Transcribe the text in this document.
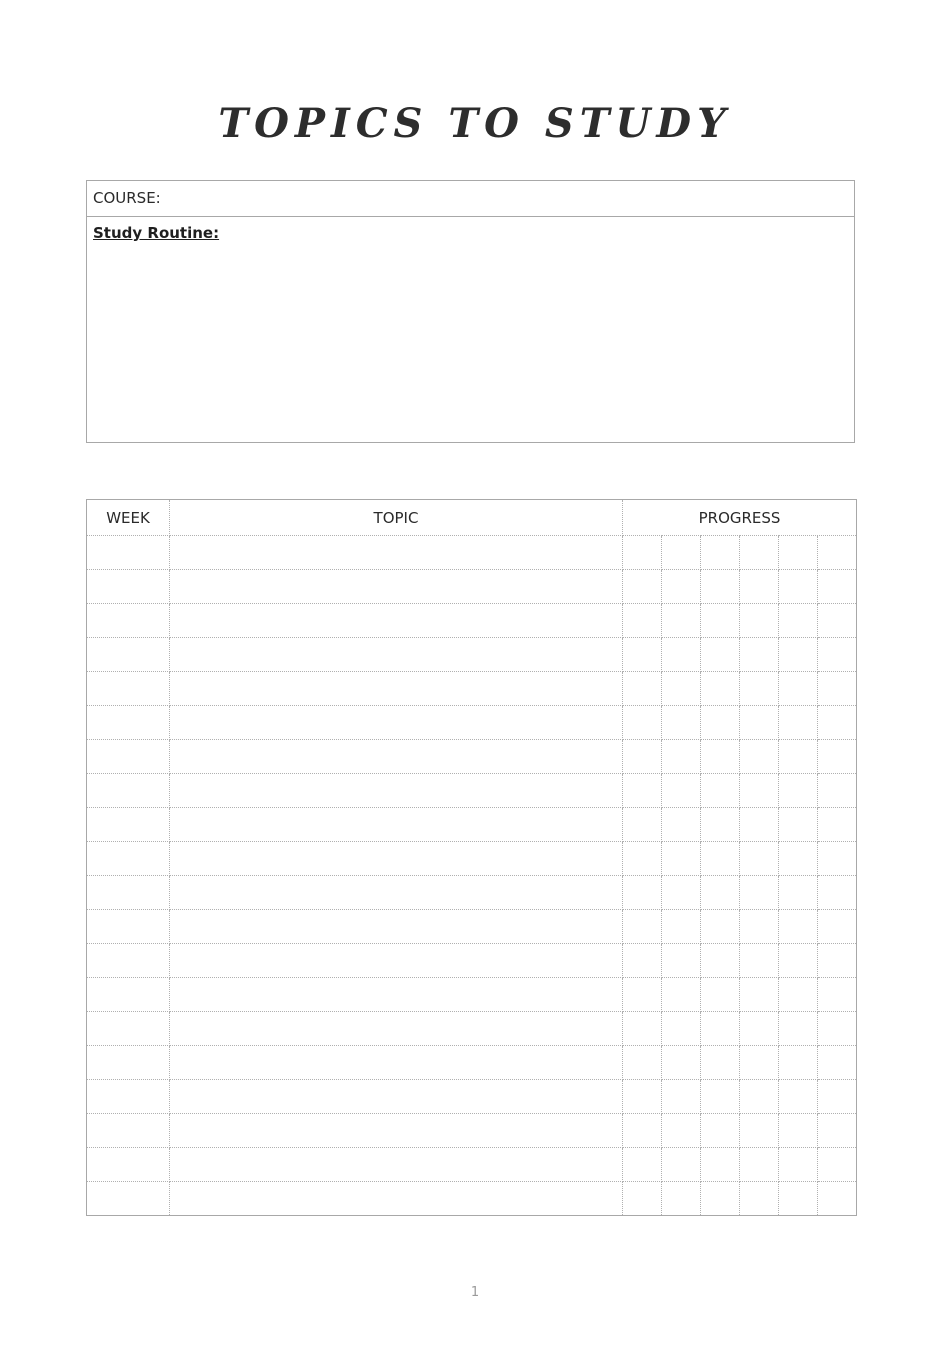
TOPICS TO STUDY
COURSE:
Study Routine:
WEEK	TOPIC	PROGRESS					

1
